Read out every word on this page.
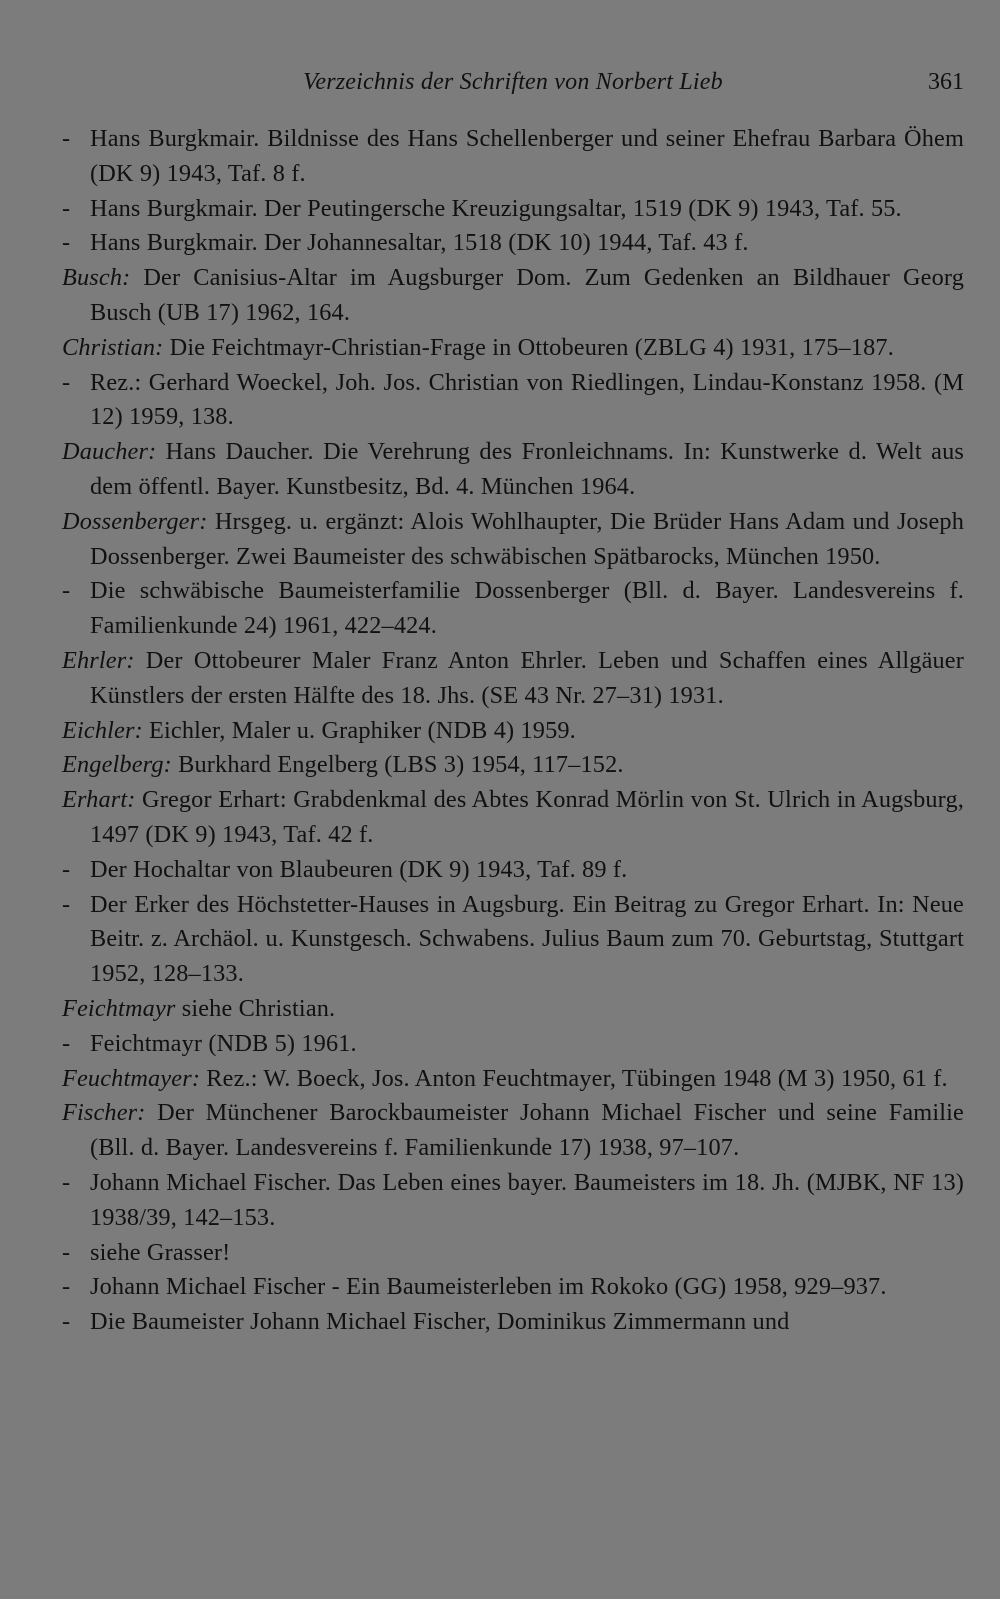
Verzeichnis der Schriften von Norbert Lieb	361
- Hans Burgkmair. Bildnisse des Hans Schellenberger und seiner Ehefrau Barbara Öhem (DK 9) 1943, Taf. 8 f.
- Hans Burgkmair. Der Peutingersche Kreuzigungsaltar, 1519 (DK 9) 1943, Taf. 55.
- Hans Burgkmair. Der Johannesaltar, 1518 (DK 10) 1944, Taf. 43 f.
Busch: Der Canisius-Altar im Augsburger Dom. Zum Gedenken an Bildhauer Georg Busch (UB 17) 1962, 164.
Christian: Die Feichtmayr-Christian-Frage in Ottobeuren (ZBLG 4) 1931, 175–187.
- Rez.: Gerhard Woeckel, Joh. Jos. Christian von Riedlingen, Lindau-Konstanz 1958. (M 12) 1959, 138.
Daucher: Hans Daucher. Die Verehrung des Fronleichnams. In: Kunstwerke d. Welt aus dem öffentl. Bayer. Kunstbesitz, Bd. 4. München 1964.
Dossenberger: Hrsgeg. u. ergänzt: Alois Wohlhaupter, Die Brüder Hans Adam und Joseph Dossenberger. Zwei Baumeister des schwäbischen Spätbarocks, München 1950.
- Die schwäbische Baumeisterfamilie Dossenberger (Bll. d. Bayer. Landesvereins f. Familienkunde 24) 1961, 422–424.
Ehrler: Der Ottobeurer Maler Franz Anton Ehrler. Leben und Schaffen eines Allgäuer Künstlers der ersten Hälfte des 18. Jhs. (SE 43 Nr. 27–31) 1931.
Eichler: Eichler, Maler u. Graphiker (NDB 4) 1959.
Engelberg: Burkhard Engelberg (LBS 3) 1954, 117–152.
Erhart: Gregor Erhart: Grabdenkmal des Abtes Konrad Mörlin von St. Ulrich in Augsburg, 1497 (DK 9) 1943, Taf. 42 f.
- Der Hochaltar von Blaubeuren (DK 9) 1943, Taf. 89 f.
- Der Erker des Höchstetter-Hauses in Augsburg. Ein Beitrag zu Gregor Erhart. In: Neue Beitr. z. Archäol. u. Kunstgesch. Schwabens. Julius Baum zum 70. Geburtstag, Stuttgart 1952, 128–133.
Feichtmayr siehe Christian.
- Feichtmayr (NDB 5) 1961.
Feuchtmayer: Rez.: W. Boeck, Jos. Anton Feuchtmayer, Tübingen 1948 (M 3) 1950, 61 f.
Fischer: Der Münchener Barockbaumeister Johann Michael Fischer und seine Familie (Bll. d. Bayer. Landesvereins f. Familienkunde 17) 1938, 97–107.
- Johann Michael Fischer. Das Leben eines bayer. Baumeisters im 18. Jh. (MJBK, NF 13) 1938/39, 142–153.
- siehe Grasser!
- Johann Michael Fischer - Ein Baumeisterleben im Rokoko (GG) 1958, 929–937.
- Die Baumeister Johann Michael Fischer, Dominikus Zimmermann und
